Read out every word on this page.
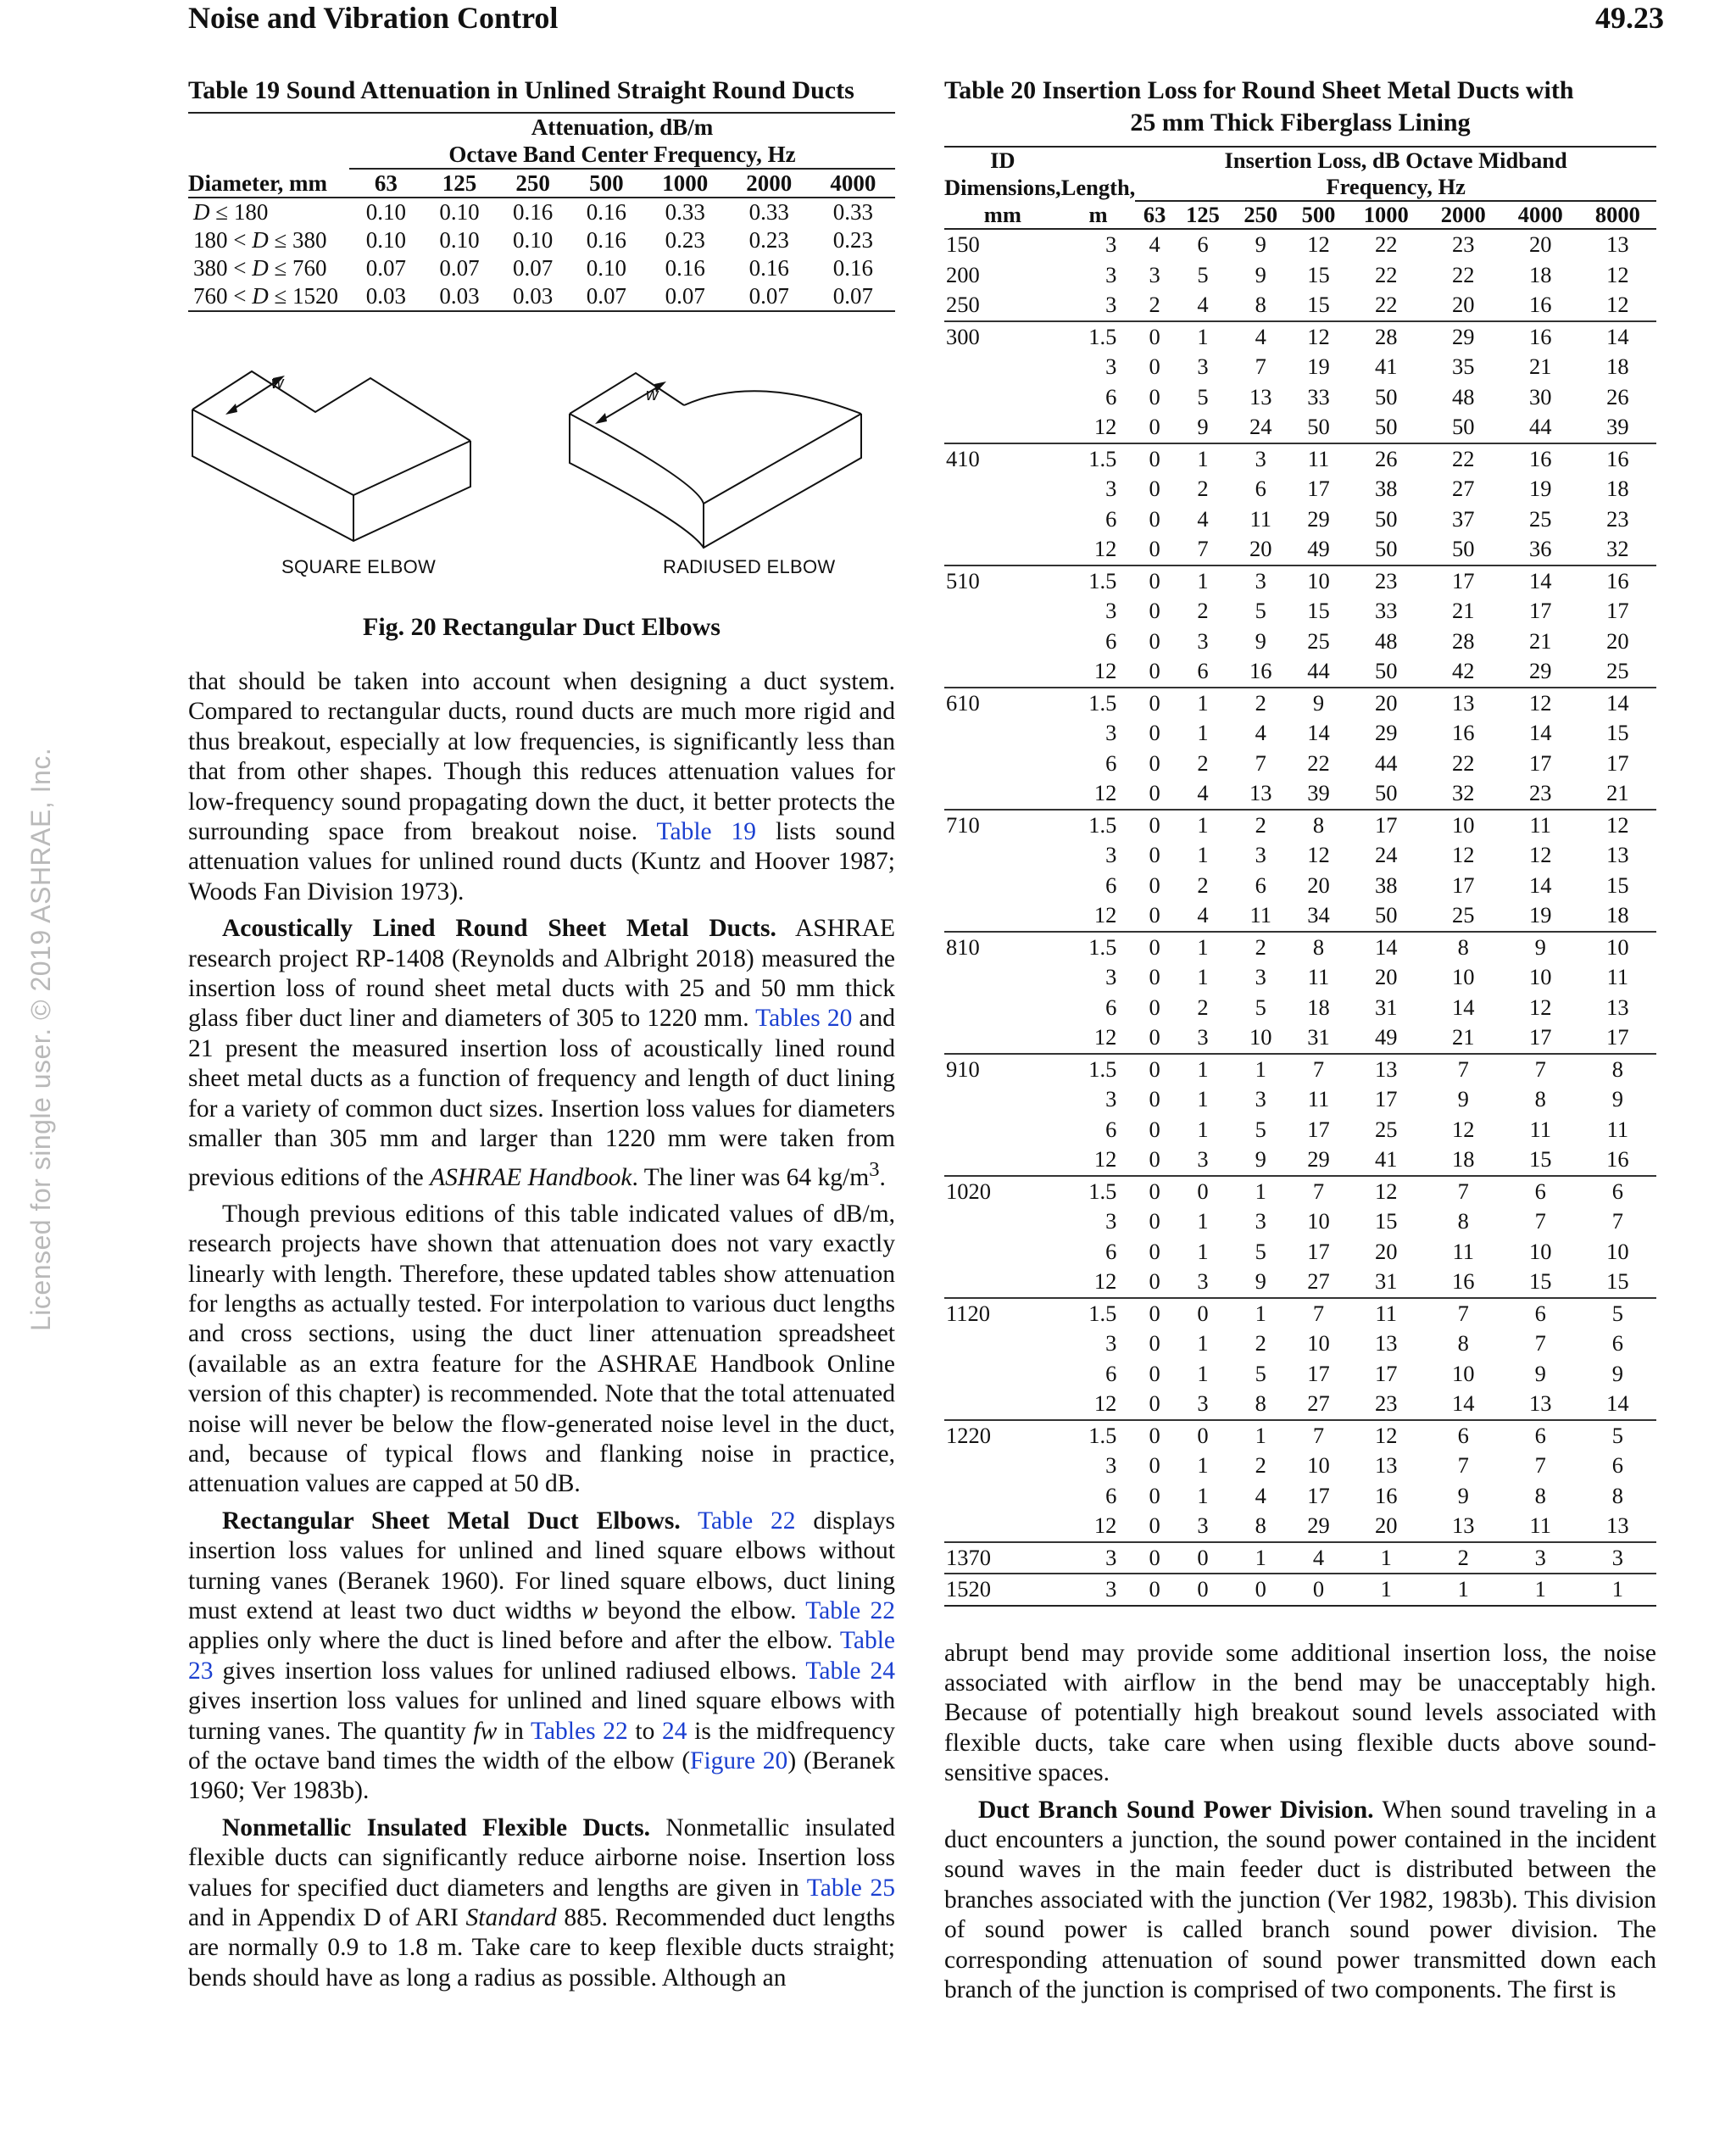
Noise and Vibration Control	49.23
Licensed for single user. © 2019 ASHRAE, Inc.
Table 19 Sound Attenuation in Unlined Straight Round Ducts
	Attenuation, dB/m						
	Octave Band Center Frequency, Hz						
Diameter, mm	63	125	250	500	1000	2000	4000
D ≤ 180	0.10	0.10	0.16	0.16	0.33	0.33	0.33
180 < D ≤ 380	0.10	0.10	0.10	0.16	0.23	0.23	0.23
380 < D ≤ 760	0.07	0.07	0.07	0.10	0.16	0.16	0.16
760 < D ≤ 1520	0.03	0.03	0.03	0.07	0.07	0.07	0.07
w
w
SQUARE ELBOW	RADIUSED ELBOW
Fig. 20 Rectangular Duct Elbows

that should be taken into account when designing a duct system. Compared to rectangular ducts, round ducts are much more rigid and thus breakout, especially at low frequencies, is significantly less than that from other shapes. Though this reduces attenuation values for low-frequency sound propagating down the duct, it better protects the surrounding space from breakout noise. Table 19 lists sound attenuation values for unlined round ducts (Kuntz and Hoover 1987; Woods Fan Division 1973).

Acoustically Lined Round Sheet Metal Ducts. ASHRAE research project RP-1408 (Reynolds and Albright 2018) measured the insertion loss of round sheet metal ducts with 25 and 50 mm thick glass fiber duct liner and diameters of 305 to 1220 mm. Tables 20 and 21 present the measured insertion loss of acoustically lined round sheet metal ducts as a function of frequency and length of duct lining for a variety of common duct sizes. Insertion loss values for diameters smaller than 305 mm and larger than 1220 mm were taken from previous editions of the ASHRAE Handbook. The liner was 64 $kg/m^3$.

Though previous editions of this table indicated values of dB/m, research projects have shown that attenuation does not vary exactly linearly with length. Therefore, these updated tables show attenuation for lengths as actually tested. For interpolation to various duct lengths and cross sections, using the duct liner attenuation spreadsheet (available as an extra feature for the ASHRAE Handbook Online version of this chapter) is recommended. Note that the total attenuated noise will never be below the flow-generated noise level in the duct, and, because of typical flows and flanking noise in practice, attenuation values are capped at 50 dB.

Rectangular Sheet Metal Duct Elbows. Table 22 displays insertion loss values for unlined and lined square elbows without turning vanes (Beranek 1960). For lined square elbows, duct lining must extend at least two duct widths w beyond the elbow. Table 22 applies only where the duct is lined before and after the elbow. Table 23 gives insertion loss values for unlined radiused elbows. Table 24 gives insertion loss values for unlined and lined square elbows with turning vanes. The quantity fw in Tables 22 to 24 is the midfrequency of the octave band times the width of the elbow (Figure 20) (Beranek 1960; Ver 1983b).

Nonmetallic Insulated Flexible Ducts. Nonmetallic insulated flexible ducts can significantly reduce airborne noise. Insertion loss values for specified duct diameters and lengths are given in Table 25 and in Appendix D of ARI Standard 885. Recommended duct lengths are normally 0.9 to 1.8 m. Take care to keep flexible ducts straight; bends should have as long a radius as possible. Although an

Table 20 Insertion Loss for Round Sheet Metal Ducts with
25 mm Thick Fiberglass Lining
ID		Insertion Loss, dB Octave Midband							
Dimensions,	Length,	Frequency, Hz							
mm	m	63	125	250	500	1000	2000	4000	8000
150	3	4	6	9	12	22	23	20	13
200	3	3	5	9	15	22	22	18	12
250	3	2	4	8	15	22	20	16	12
300	1.5	0	1	4	12	28	29	16	14
	3	0	3	7	19	41	35	21	18
	6	0	5	13	33	50	48	30	26
	12	0	9	24	50	50	50	44	39
410	1.5	0	1	3	11	26	22	16	16
	3	0	2	6	17	38	27	19	18
	6	0	4	11	29	50	37	25	23
	12	0	7	20	49	50	50	36	32
510	1.5	0	1	3	10	23	17	14	16
	3	0	2	5	15	33	21	17	17
	6	0	3	9	25	48	28	21	20
	12	0	6	16	44	50	42	29	25
610	1.5	0	1	2	9	20	13	12	14
	3	0	1	4	14	29	16	14	15
	6	0	2	7	22	44	22	17	17
	12	0	4	13	39	50	32	23	21
710	1.5	0	1	2	8	17	10	11	12
	3	0	1	3	12	24	12	12	13
	6	0	2	6	20	38	17	14	15
	12	0	4	11	34	50	25	19	18
810	1.5	0	1	2	8	14	8	9	10
	3	0	1	3	11	20	10	10	11
	6	0	2	5	18	31	14	12	13
	12	0	3	10	31	49	21	17	17
910	1.5	0	1	1	7	13	7	7	8
	3	0	1	3	11	17	9	8	9
	6	0	1	5	17	25	12	11	11
	12	0	3	9	29	41	18	15	16
1020	1.5	0	0	1	7	12	7	6	6
	3	0	1	3	10	15	8	7	7
	6	0	1	5	17	20	11	10	10
	12	0	3	9	27	31	16	15	15
1120	1.5	0	0	1	7	11	7	6	5
	3	0	1	2	10	13	8	7	6
	6	0	1	5	17	17	10	9	9
	12	0	3	8	27	23	14	13	14
1220	1.5	0	0	1	7	12	6	6	5
	3	0	1	2	10	13	7	7	6
	6	0	1	4	17	16	9	8	8
	12	0	3	8	29	20	13	11	13
1370	3	0	0	1	4	1	2	3	3
1520	3	0	0	0	0	1	1	1	1

abrupt bend may provide some additional insertion loss, the noise associated with airflow in the bend may be unacceptably high. Because of potentially high breakout sound levels associated with flexible ducts, take care when using flexible ducts above sound-sensitive spaces.

Duct Branch Sound Power Division. When sound traveling in a duct encounters a junction, the sound power contained in the incident sound waves in the main feeder duct is distributed between the branches associated with the junction (Ver 1982, 1983b). This division of sound power is called branch sound power division. The corresponding attenuation of sound power transmitted down each branch of the junction is comprised of two components. The first is
